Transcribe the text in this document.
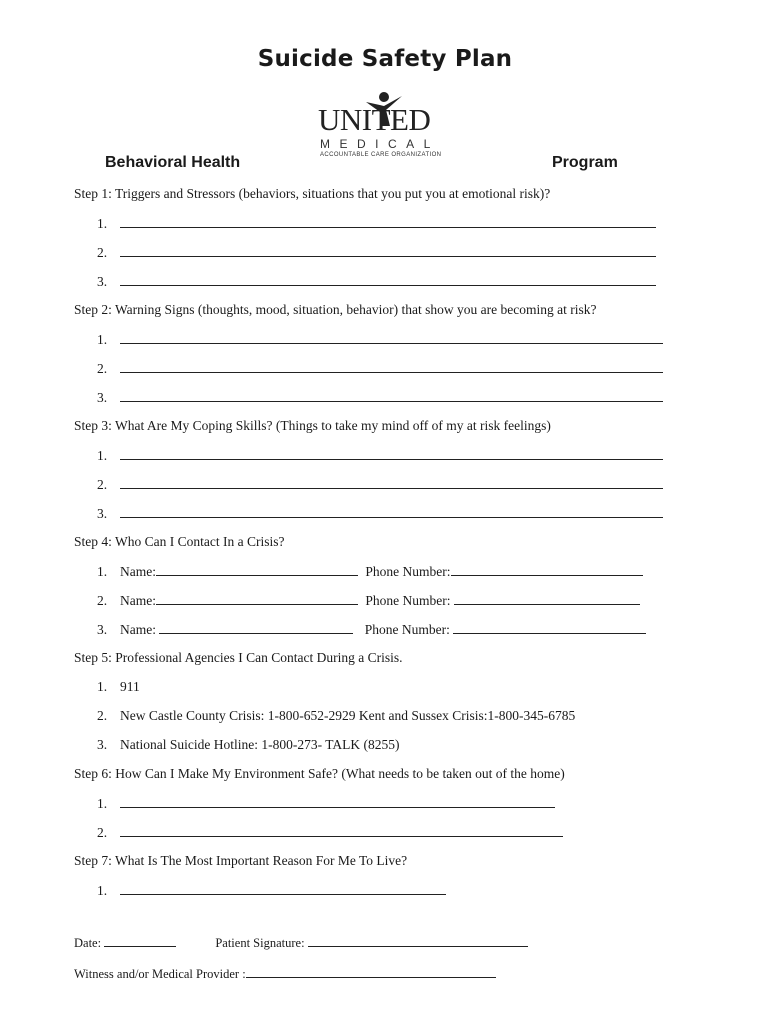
Suicide Safety Plan
UNITED
MEDICAL
ACCOUNTABLE CARE ORGANIZATION
Behavioral Health	Program
Step 1: Triggers and Stressors (behaviors, situations that you put you at emotional risk)?
1.
2.
3.
Step 2: Warning Signs (thoughts, mood, situation, behavior) that show you are becoming at risk?
1.
2.
3.
Step 3: What Are My Coping Skills? (Things to take my mind off of my at risk feelings)
1.
2.
3.
Step 4: Who Can I Contact In a Crisis?
1. Name:	Phone Number:
2. Name:	Phone Number:
3. Name:	Phone Number:
Step 5: Professional Agencies I Can Contact During a Crisis.
1. 911
2. New Castle County Crisis: 1-800-652-2929 Kent and Sussex Crisis:1-800-345-6785
3. National Suicide Hotline: 1-800-273- TALK (8255)
Step 6: How Can I Make My Environment Safe? (What needs to be taken out of the home)
1.
2.
Step 7: What Is The Most Important Reason For Me To Live?
1.
Date:	Patient Signature:
Witness and/or Medical Provider :
